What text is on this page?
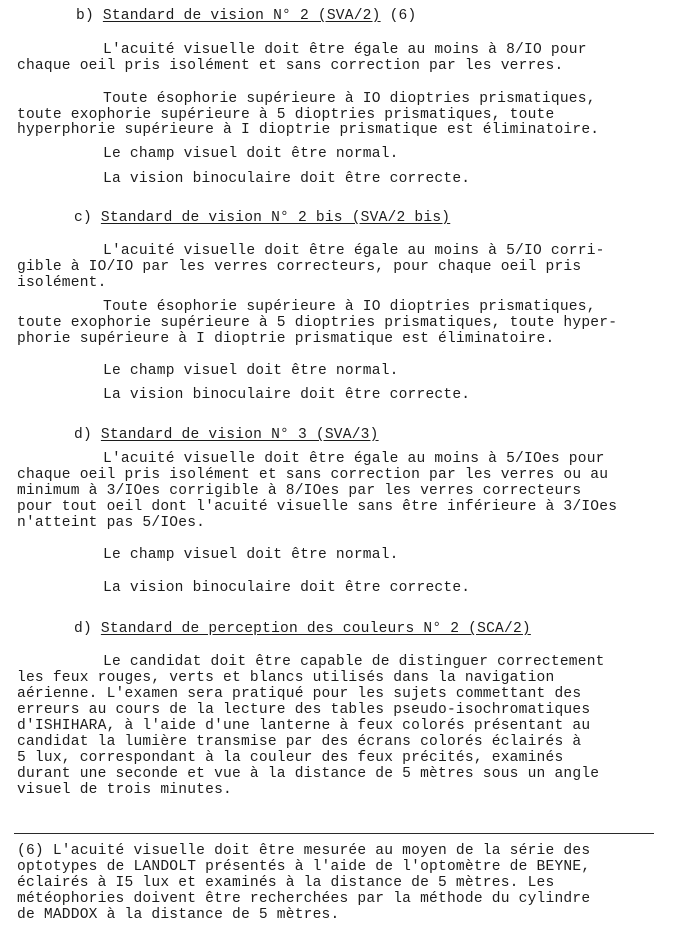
b) Standard de vision N° 2 (SVA/2) (6)
L'acuité visuelle doit être égale au moins à 8/IO pour
chaque oeil pris isolément et sans correction par les verres.
Toute ésophorie supérieure à IO dioptries prismatiques,
toute exophorie supérieure à 5 dioptries prismatiques, toute
hyperphorie supérieure à I dioptrie prismatique est éliminatoire.
Le champ visuel doit être normal.
La vision binoculaire doit être correcte.
c) Standard de vision N° 2 bis (SVA/2 bis)
L'acuité visuelle doit être égale au moins à 5/IO corri-
gible à IO/IO par les verres correcteurs, pour chaque oeil pris
isolément.
Toute ésophorie supérieure à IO dioptries prismatiques,
toute exophorie supérieure à 5 dioptries prismatiques, toute hyper-
phorie supérieure à I dioptrie prismatique est éliminatoire.
Le champ visuel doit être normal.
La vision binoculaire doit être correcte.
d) Standard de vision N° 3 (SVA/3)
L'acuité visuelle doit être égale au moins à 5/IOes pour
chaque oeil pris isolément et sans correction par les verres ou au
minimum à 3/IOes corrigible à 8/IOes par les verres correcteurs
pour tout oeil dont l'acuité visuelle sans être inférieure à 3/IOes
n'atteint pas 5/IOes.
Le champ visuel doit être normal.
La vision binoculaire doit être correcte.
d) Standard de perception des couleurs N° 2 (SCA/2)
Le candidat doit être capable de distinguer correctement
les feux rouges, verts et blancs utilisés dans la navigation
aérienne. L'examen sera pratiqué pour les sujets commettant des
erreurs au cours de la lecture des tables pseudo-isochromatiques
d'ISHIHARA, à l'aide d'une lanterne à feux colorés présentant au
candidat la lumière transmise par des écrans colorés éclairés à
5 lux, correspondant à la couleur des feux précités, examinés
durant une seconde et vue à la distance de 5 mètres sous un angle
visuel de trois minutes.
(6) L'acuité visuelle doit être mesurée au moyen de la série des
optotypes de LANDOLT présentés à l'aide de l'optomètre de BEYNE,
éclairés à I5 lux et examinés à la distance de 5 mètres. Les
météophories doivent être recherchées par la méthode du cylindre
de MADDOX à la distance de 5 mètres.
